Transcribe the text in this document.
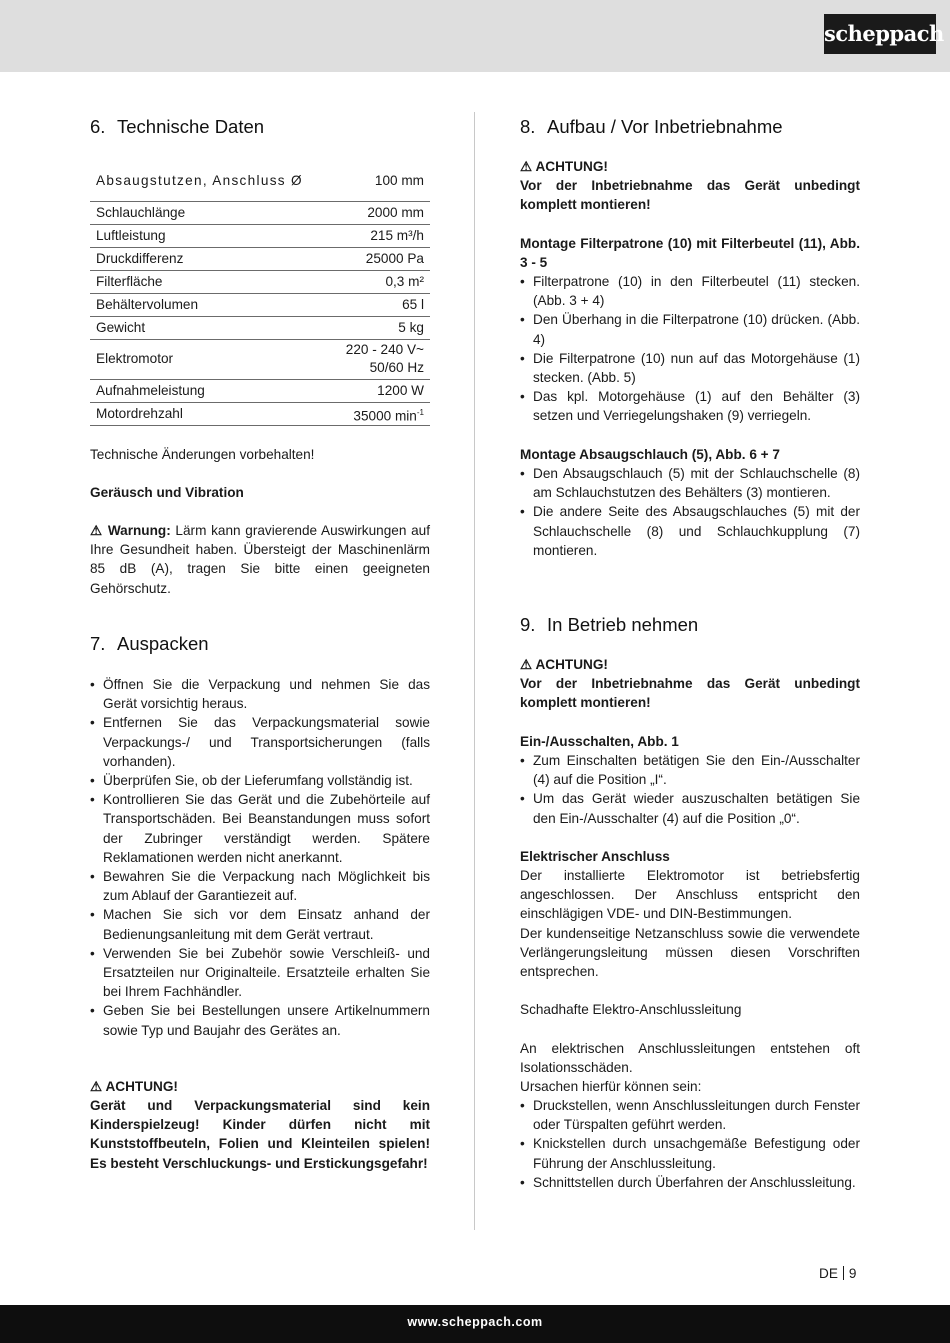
scheppach
6. Technische Daten
Absaugstutzen, Anschluss Ø	100 mm
Schlauchlänge	2000 mm
Luftleistung	215 m³/h
Druckdifferenz	25000 Pa
Filterfläche	0,3 m²
Behältervolumen	65 l
Gewicht	5 kg
Elektromotor	220 - 240 V~
50/60 Hz
Aufnahmeleistung	1200 W
Motordrehzahl	35000 $\min^{-1}$

Technische Änderungen vorbehalten!

Geräusch und Vibration

⚠ Warnung: Lärm kann gravierende Auswirkungen auf Ihre Gesundheit haben. Übersteigt der Maschinenlärm 85 dB (A), tragen Sie bitte einen geeigneten Gehörschutz.

7. Auspacken
• Öffnen Sie die Verpackung und nehmen Sie das Gerät vorsichtig heraus.
• Entfernen Sie das Verpackungsmaterial sowie Verpackungs-/ und Transportsicherungen (falls vorhanden).
• Überprüfen Sie, ob der Lieferumfang vollständig ist.
• Kontrollieren Sie das Gerät und die Zubehörteile auf Transportschäden. Bei Beanstandungen muss sofort der Zubringer verständigt werden. Spätere Reklamationen werden nicht anerkannt.
• Bewahren Sie die Verpackung nach Möglichkeit bis zum Ablauf der Garantiezeit auf.
• Machen Sie sich vor dem Einsatz anhand der Bedienungsanleitung mit dem Gerät vertraut.
• Verwenden Sie bei Zubehör sowie Verschleiß- und Ersatzteilen nur Originalteile. Ersatzteile erhalten Sie bei Ihrem Fachhändler.
• Geben Sie bei Bestellungen unsere Artikelnummern sowie Typ und Baujahr des Gerätes an.

⚠ ACHTUNG!

Gerät und Verpackungsmaterial sind kein Kinderspielzeug! Kinder dürfen nicht mit Kunststoffbeuteln, Folien und Kleinteilen spielen! Es besteht Verschluckungs- und Erstickungsgefahr!

8. Aufbau / Vor Inbetriebnahme

⚠ ACHTUNG!

Vor der Inbetriebnahme das Gerät unbedingt komplett montieren!

Montage Filterpatrone (10) mit Filterbeutel (11), Abb. 3 - 5

• Filterpatrone (10) in den Filterbeutel (11) stecken. (Abb. 3 + 4)
• Den Überhang in die Filterpatrone (10) drücken. (Abb. 4)
• Die Filterpatrone (10) nun auf das Motorgehäuse (1) stecken. (Abb. 5)
• Das kpl. Motorgehäuse (1) auf den Behälter (3) setzen und Verriegelungshaken (9) verriegeln.

Montage Absaugschlauch (5), Abb. 6 + 7

• Den Absaugschlauch (5) mit der Schlauchschelle (8) am Schlauchstutzen des Behälters (3) montieren.
• Die andere Seite des Absaugschlauches (5) mit der Schlauchschelle (8) und Schlauchkupplung (7) montieren.
9. In Betrieb nehmen

⚠ ACHTUNG!

Vor der Inbetriebnahme das Gerät unbedingt komplett montieren!

Ein-/Ausschalten, Abb. 1

• Zum Einschalten betätigen Sie den Ein-/Ausschalter (4) auf die Position „I“.
• Um das Gerät wieder auszuschalten betätigen Sie den Ein-/Ausschalter (4) auf die Position „0“.

Elektrischer Anschluss

Der installierte Elektromotor ist betriebsfertig angeschlossen. Der Anschluss entspricht den einschlägigen VDE- und DIN-Bestimmungen.

Der kundenseitige Netzanschluss sowie die verwendete Verlängerungsleitung müssen diesen Vorschriften entsprechen.

Schadhafte Elektro-Anschlussleitung

An elektrischen Anschlussleitungen entstehen oft Isolationsschäden.

Ursachen hierfür können sein:

• Druckstellen, wenn Anschlussleitungen durch Fenster oder Türspalten geführt werden.
• Knickstellen durch unsachgemäße Befestigung oder Führung der Anschlussleitung.
• Schnittstellen durch Überfahren der Anschlussleitung.
DE 9
www.scheppach.com
